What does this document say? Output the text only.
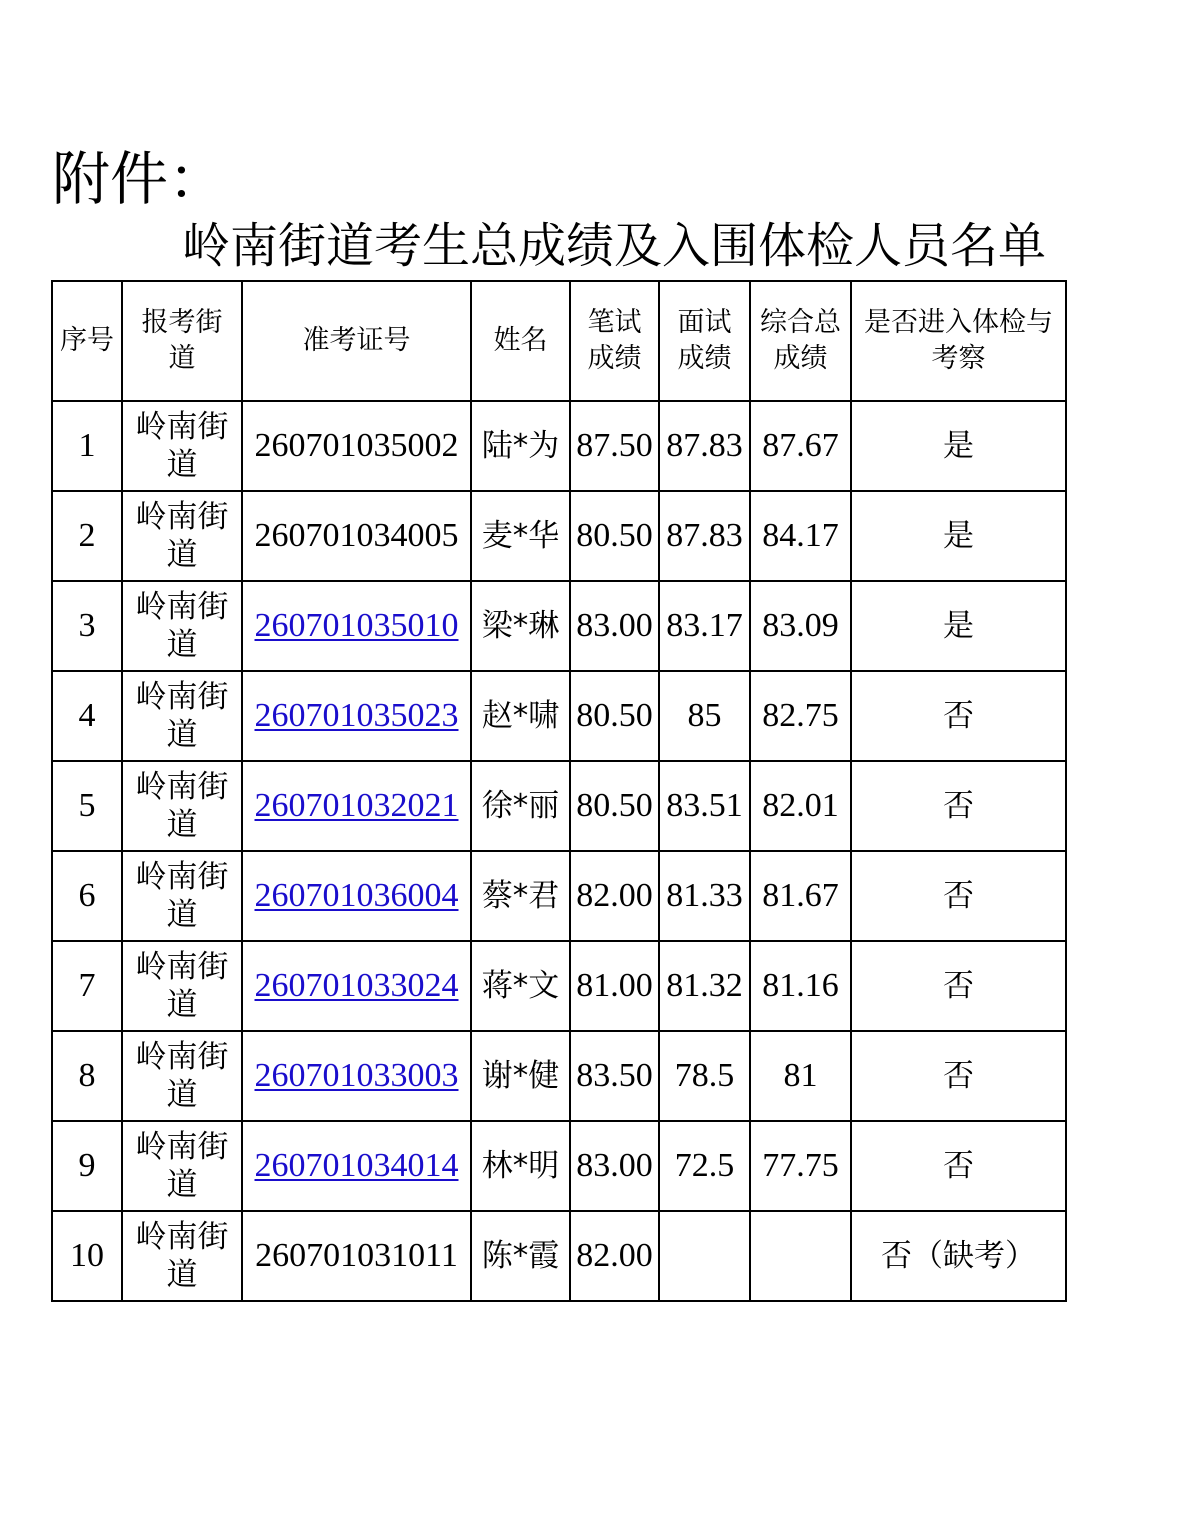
附件：
岭南街道考生总成绩及入围体检人员名单
序号	报考街道	准考证号	姓名	笔试成绩	面试成绩	综合总成绩	是否进入体检与考察

1	岭南街道	260701035002	陆*为	87.50	87.83	87.67	是
2	岭南街道	260701034005	麦*华	80.50	87.83	84.17	是
3	岭南街道	260701035010	梁*琳	83.00	83.17	83.09	是
4	岭南街道	260701035023	赵*啸	80.50	85	82.75	否
5	岭南街道	260701032021	徐*丽	80.50	83.51	82.01	否
6	岭南街道	260701036004	蔡*君	82.00	81.33	81.67	否
7	岭南街道	260701033024	蒋*文	81.00	81.32	81.16	否
8	岭南街道	260701033003	谢*健	83.50	78.5	81	否
9	岭南街道	260701034014	林*明	83.00	72.5	77.75	否
10	岭南街道	260701031011	陈*霞	82.00			否（缺考）
